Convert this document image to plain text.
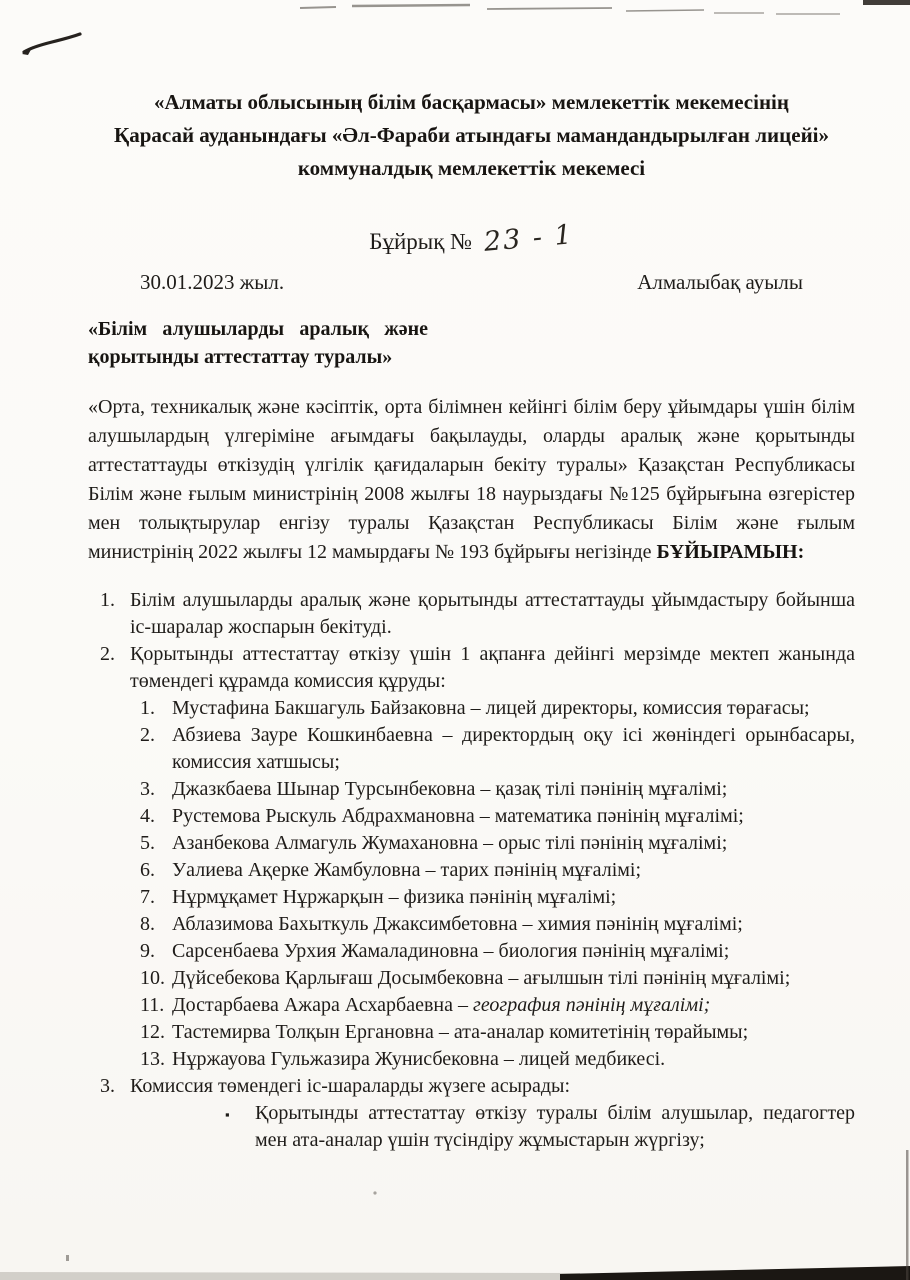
«Алматы облысының білім басқармасы» мемлекеттік мекемесінің
Қарасай ауданындағы «Әл-Фараби атындағы мамандандырылған лицейі»
коммуналдық мемлекеттік мекемесі
Бұйрық № 23 - 1
30.01.2023 жыл.	Алмалыбақ ауылы
«Білім алушыларды аралық және қорытынды аттестаттау туралы»

«Орта, техникалық және кәсіптік, орта білімнен кейінгі білім беру ұйымдары үшін білім алушылардың үлгеріміне ағымдағы бақылауды, оларды аралық және қорытынды аттестаттауды өткізудің үлгілік қағидаларын бекіту туралы» Қазақстан Республикасы Білім және ғылым министрінің 2008 жылғы 18 наурыздағы №125 бұйрығына өзгерістер мен толықтырулар енгізу туралы Қазақстан Республикасы Білім және ғылым министрінің 2022 жылғы 12 мамырдағы № 193 бұйрығы негізінде БҰЙЫРАМЫН:

1. Білім алушыларды аралық және қорытынды аттестаттауды ұйымдастыру бойынша іс-шаралар жоспарын бекітуді.
2. Қорытынды аттестаттау өткізу үшін 1 ақпанға дейінгі мерзімде мектеп жанында төмендегі құрамда комиссия құруды:
1. Мустафина Бакшагуль Байзаковна – лицей директоры, комиссия төрағасы;
2. Абзиева Зауре Кошкинбаевна – директордың оқу ісі жөніндегі орынбасары, комиссия хатшысы;
3. Джазкбаева Шынар Турсынбековна – қазақ тілі пәнінің мұғалімі;
4. Рустемова Рыскуль Абдрахмановна – математика пәнінің мұғалімі;
5. Азанбекова Алмагуль Жумахановна – орыс тілі пәнінің мұғалімі;
6. Уалиева Ақерке Жамбуловна – тарих пәнінің мұғалімі;
7. Нұрмұқамет Нұржарқын – физика пәнінің мұғалімі;
8. Аблазимова Бахыткуль Джаксимбетовна – химия пәнінің мұғалімі;
9. Сарсенбаева Урхия Жамаладиновна – биология пәнінің мұғалімі;
10. Дүйсебекова Қарлығаш Досымбековна – ағылшын тілі пәнінің мұғалімі;
11. Достарбаева Ажара Асхарбаевна – география пәнінің мұғалімі;
12. Тастемирва Толқын Ергановна – ата-аналар комитетінің төрайымы;
13. Нұржауова Гульжазира Жунисбековна – лицей медбикесі.
3. Комиссия төмендегі іс-шараларды жүзеге асырады:
▪	Қорытынды аттестаттау өткізу туралы білім алушылар, педагогтер мен ата-аналар үшін түсіндіру жұмыстарын жүргізу;
